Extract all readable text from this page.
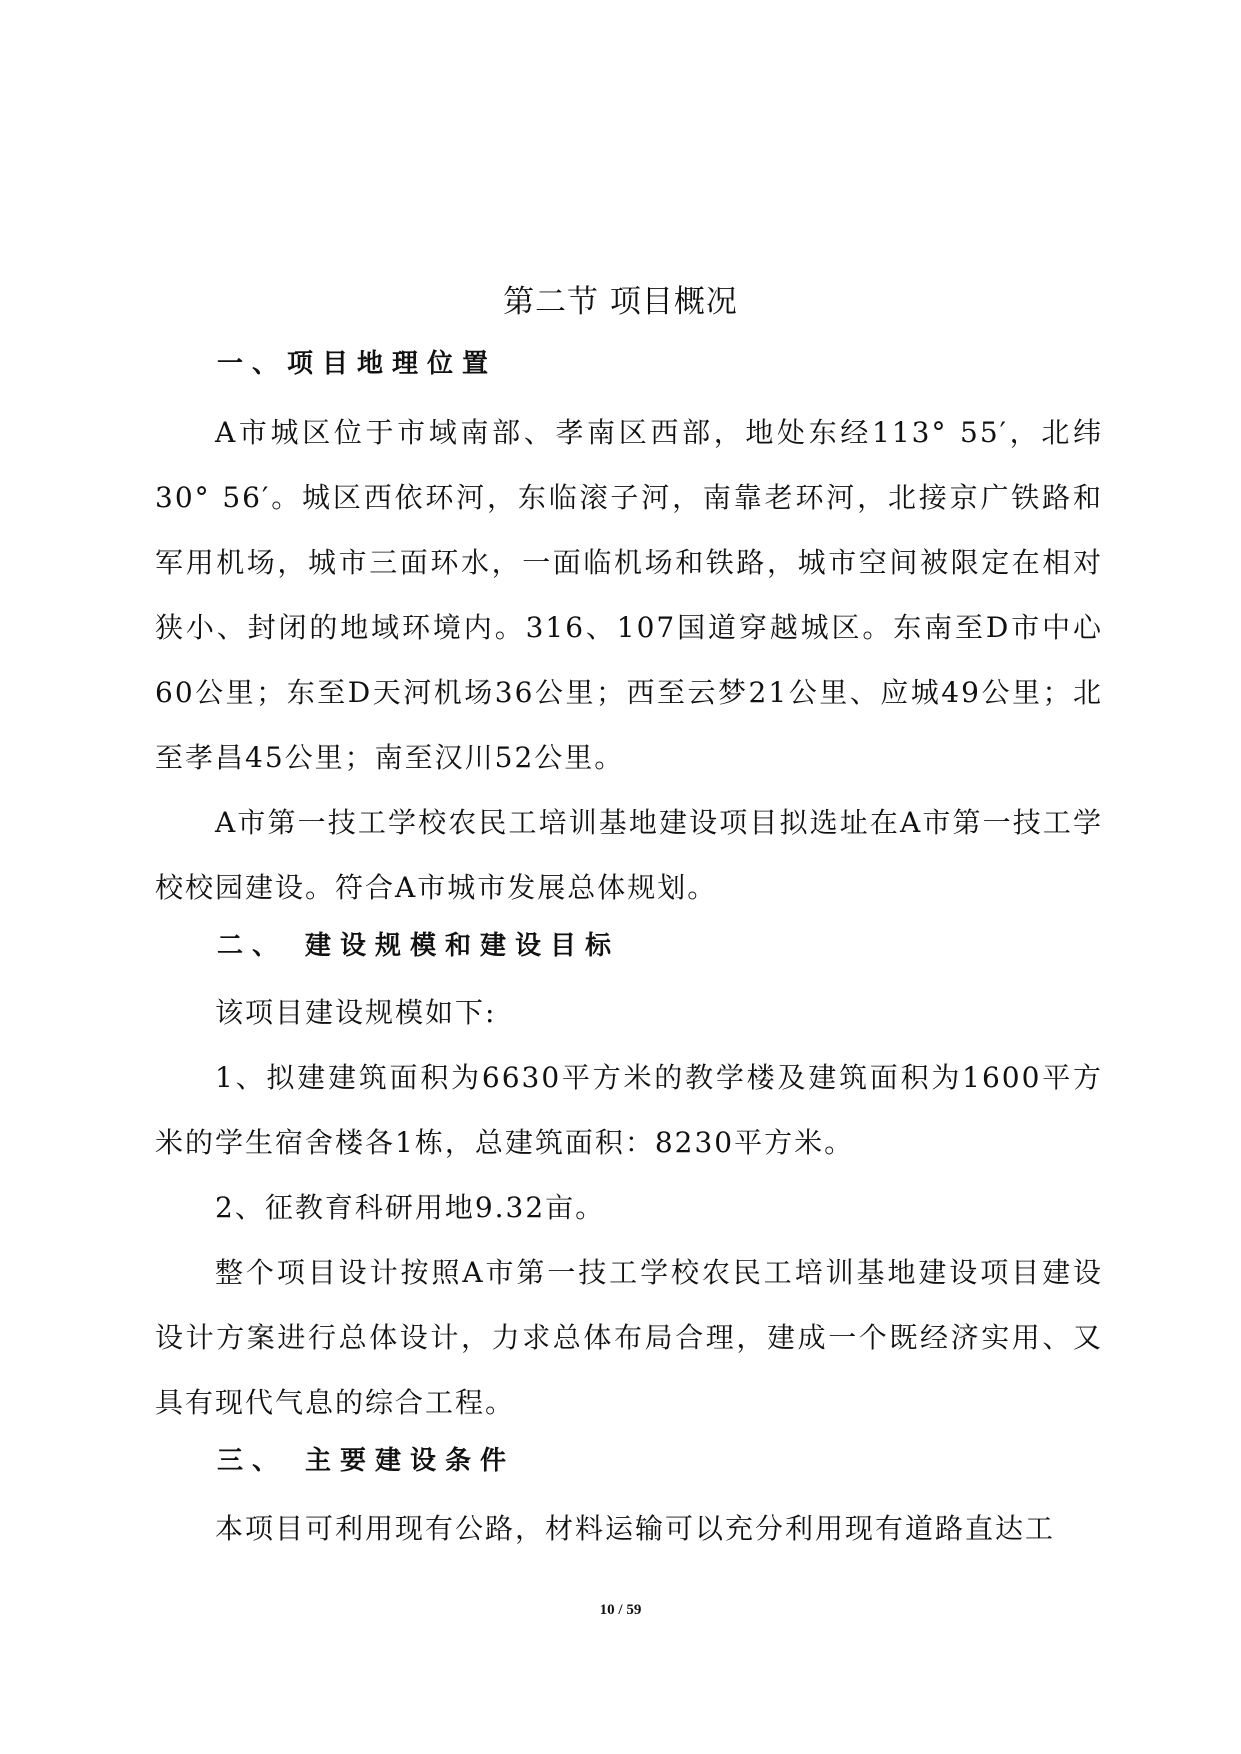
第二节 项目概况
一、项目地理位置
A市城区位于市域南部、孝南区西部，地处东经113° 55′，北纬30° 56′。城区西依环河，东临滚子河，南靠老环河，北接京广铁路和军用机场，城市三面环水，一面临机场和铁路，城市空间被限定在相对狭小、封闭的地域环境内。316、107国道穿越城区。东南至D市中心60公里；东至D天河机场36公里；西至云梦21公里、应城49公里；北至孝昌45公里；南至汉川52公里。
A市第一技工学校农民工培训基地建设项目拟选址在A市第一技工学校校园建设。符合A市城市发展总体规划。
二、 建设规模和建设目标
该项目建设规模如下:
1、拟建建筑面积为6630平方米的教学楼及建筑面积为1600平方米的学生宿舍楼各1栋，总建筑面积：8230平方米。
2、征教育科研用地9.32亩。
整个项目设计按照A市第一技工学校农民工培训基地建设项目建设设计方案进行总体设计，力求总体布局合理，建成一个既经济实用、又具有现代气息的综合工程。
三、 主要建设条件
本项目可利用现有公路，材料运输可以充分利用现有道路直达工
10 / 59
